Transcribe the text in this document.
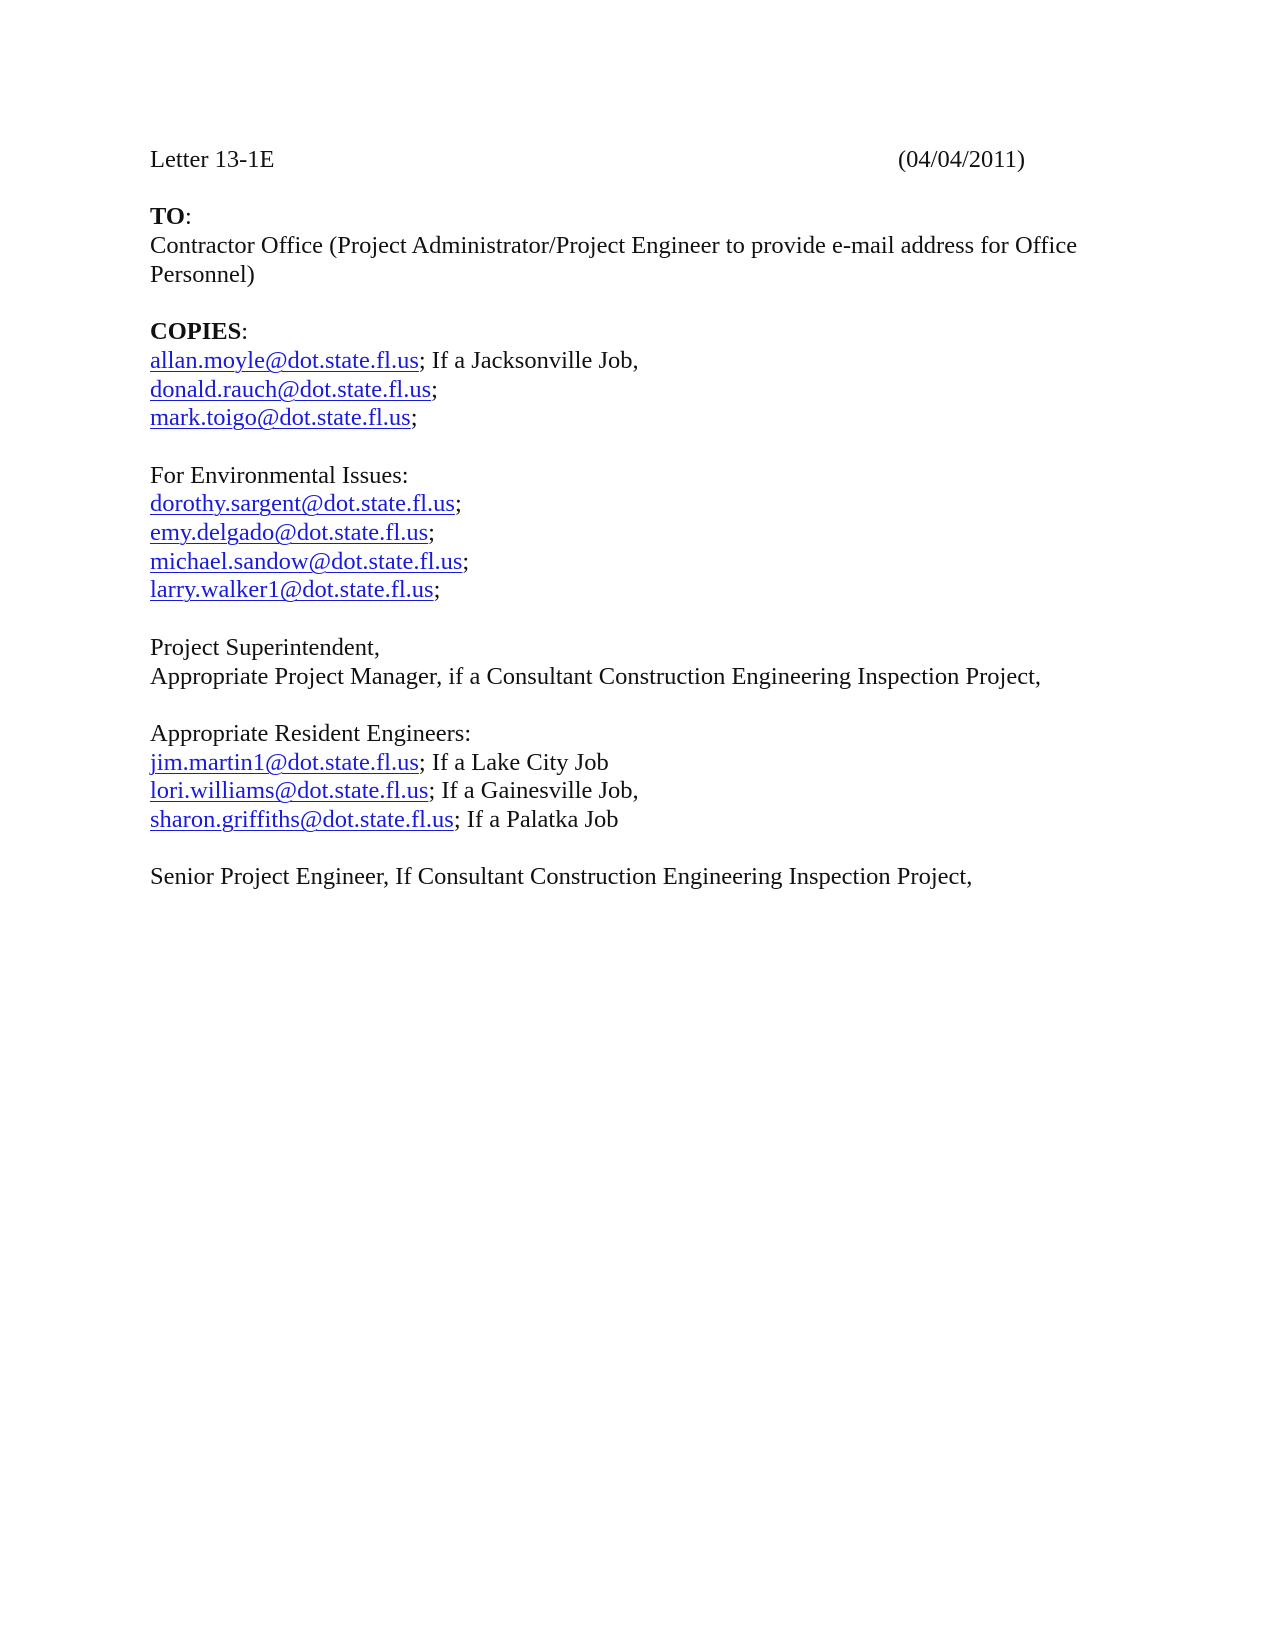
Letter 13-1E	(04/04/2011)
TO:
Contractor Office (Project Administrator/Project Engineer to provide e-mail address for Office Personnel)
COPIES:
allan.moyle@dot.state.fl.us; If a Jacksonville Job,
donald.rauch@dot.state.fl.us;
mark.toigo@dot.state.fl.us;
For Environmental Issues:
dorothy.sargent@dot.state.fl.us;
emy.delgado@dot.state.fl.us;
michael.sandow@dot.state.fl.us;
larry.walker1@dot.state.fl.us;
Project Superintendent,
Appropriate Project Manager, if a Consultant Construction Engineering Inspection Project,
Appropriate Resident Engineers:
jim.martin1@dot.state.fl.us; If a Lake City Job
lori.williams@dot.state.fl.us; If a Gainesville Job,
sharon.griffiths@dot.state.fl.us; If a Palatka Job
Senior Project Engineer, If Consultant Construction Engineering Inspection Project,
